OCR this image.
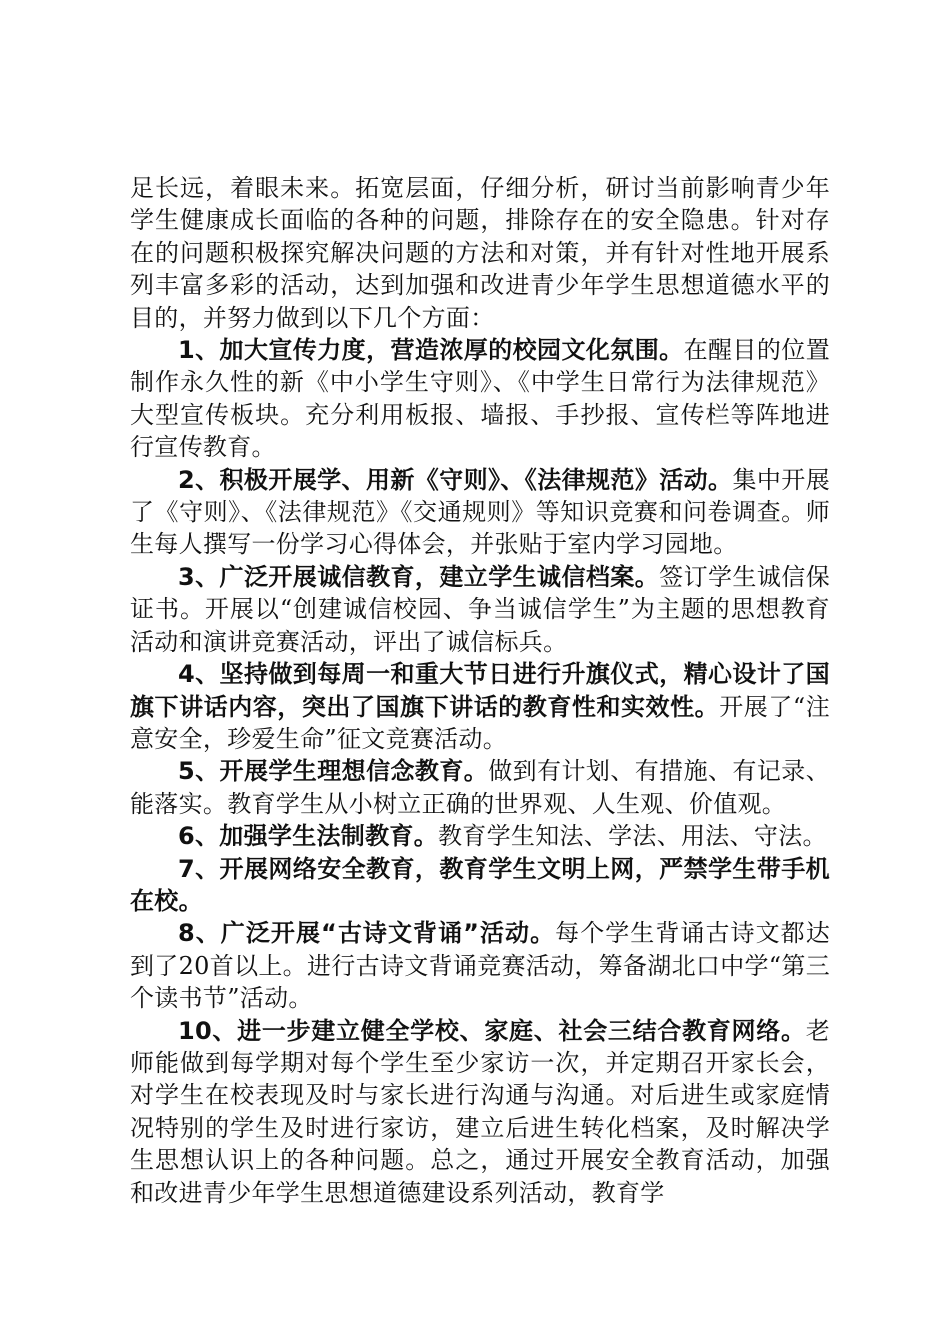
足长远，着眼未来。拓宽层面，仔细分析，研讨当前影响青少年学生健康成长面临的各种的问题，排除存在的安全隐患。针对存在的问题积极探究解决问题的方法和对策，并有针对性地开展系列丰富多彩的活动，达到加强和改进青少年学生思想道德水平的目的，并努力做到以下几个方面：

1、加大宣传力度，营造浓厚的校园文化氛围。在醒目的位置制作永久性的新《中小学生守则》、《中学生日常行为法律规范》大型宣传板块。充分利用板报、墙报、手抄报、宣传栏等阵地进行宣传教育。

2、积极开展学、用新《守则》、《法律规范》活动。集中开展了《守则》、《法律规范》《交通规则》等知识竞赛和问卷调查。师生每人撰写一份学习心得体会，并张贴于室内学习园地。

3、广泛开展诚信教育，建立学生诚信档案。签订学生诚信保证书。开展以“创建诚信校园、争当诚信学生”为主题的思想教育活动和演讲竞赛活动，评出了诚信标兵。

4、坚持做到每周一和重大节日进行升旗仪式，精心设计了国旗下讲话内容，突出了国旗下讲话的教育性和实效性。开展了“注意安全，珍爱生命”征文竞赛活动。

5、开展学生理想信念教育。做到有计划、有措施、有记录、能落实。教育学生从小树立正确的世界观、人生观、价值观。

6、加强学生法制教育。教育学生知法、学法、用法、守法。

7、开展网络安全教育，教育学生文明上网，严禁学生带手机在校。

8、广泛开展“古诗文背诵”活动。每个学生背诵古诗文都达到了20首以上。进行古诗文背诵竞赛活动，筹备湖北口中学“第三个读书节”活动。

10、进一步建立健全学校、家庭、社会三结合教育网络。老师能做到每学期对每个学生至少家访一次，并定期召开家长会，对学生在校表现及时与家长进行沟通与沟通。对后进生或家庭情况特别的学生及时进行家访，建立后进生转化档案，及时解决学生思想认识上的各种问题。总之，通过开展安全教育活动，加强和改进青少年学生思想道德建设系列活动，教育学
